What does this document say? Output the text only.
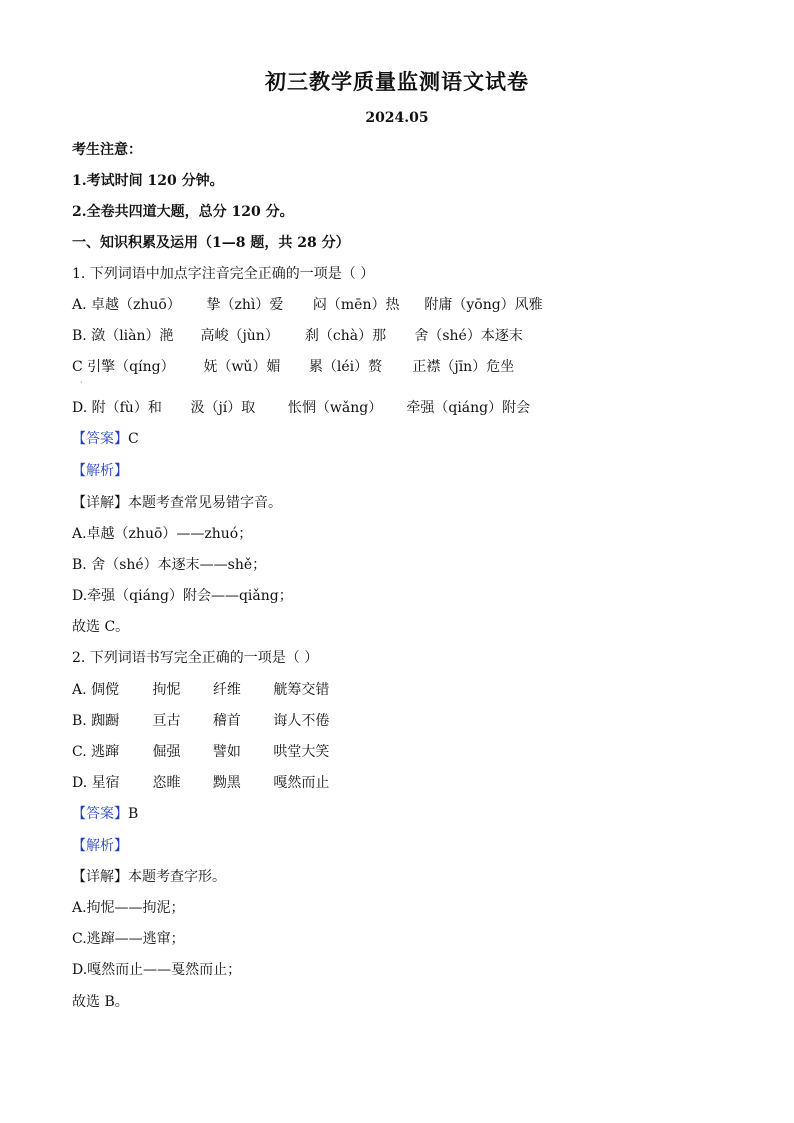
初三教学质量监测语文试卷
2024.05
考生注意：
1.考试时间 120 分钟。
2.全卷共四道大题，总分 120 分。
一、知识积累及运用（1—8 题，共 28 分）
1. 下列词语中加点字注音完全正确的一项是（ ）
A. 卓越（zhuō） 挚（zhì）爱 闷（mēn）热 附庸（yōng）风雅
B. 潋（liàn）滟 高峻（jùn） 刹（chà）那 舍（shé）本逐末
C 引擎（qíng） 妩（wǔ）媚 累（léi）赘 正襟（jīn）危坐
·
D. 附（fù）和 汲（jí）取 怅惘（wǎng） 牵强（qiáng）附会
【答案】C
【解析】
【详解】本题考查常见易错字音。
A.卓越（zhuō）——zhuó；
B. 舍（shé）本逐末——shě；
D.牵强（qiáng）附会——qiǎng；
故选 C。
2. 下列词语书写完全正确的一项是（ ）
A. 倜傥 拘怩 纤维 觥筹交错
B. 踟蹰 亘古 稽首 诲人不倦
C. 逃蹿 倔强 譬如 哄堂大笑
D. 星宿 恣睢 黝黑 嘎然而止
【答案】B
【解析】
【详解】本题考查字形。
A.拘怩——拘泥；
C.逃蹿——逃窜；
D.嘎然而止——戛然而止；
故选 B。
